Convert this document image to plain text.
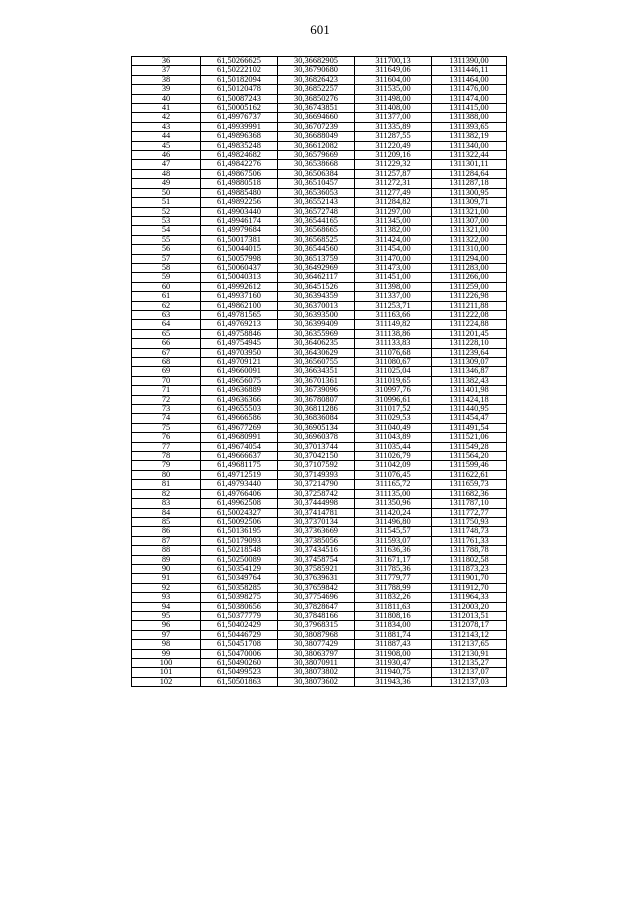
601
36	61,50266625	30,36682905	311700,13	1311390,00
37	61,50222102	30,36790680	311649,06	1311446,11
38	61,50182094	30,36826423	311604,00	1311464,00
39	61,50120478	30,36852257	311535,00	1311476,00
40	61,50087243	30,36850276	311498,00	1311474,00
41	61,50005162	30,36743851	311408,00	1311415,00
42	61,49976737	30,36694660	311377,00	1311388,00
43	61,49939991	30,36707239	311335,89	1311393,65
44	61,49896368	30,36688049	311287,55	1311382,19
45	61,49835248	30,36612082	311220,49	1311340,00
46	61,49824682	30,36579669	311209,16	1311322,44
47	61,49842276	30,36538668	311229,32	1311301,11
48	61,49867506	30,36506384	311257,87	1311284,64
49	61,49880518	30,36510457	311272,31	1311287,18
50	61,49885480	30,36536053	311277,49	1311300,95
51	61,49892256	30,36552143	311284,82	1311309,71
52	61,49903440	30,36572748	311297,00	1311321,00
53	61,49946174	30,36544165	311345,00	1311307,00
54	61,49979684	30,36568665	311382,00	1311321,00
55	61,50017381	30,36568525	311424,00	1311322,00
56	61,50044015	30,36544560	311454,00	1311310,00
57	61,50057998	30,36513759	311470,00	1311294,00
58	61,50060437	30,36492969	311473,00	1311283,00
59	61,50040313	30,36462117	311451,00	1311266,00
60	61,49992612	30,36451526	311398,00	1311259,00
61	61,49937160	30,36394359	311337,00	1311226,98
62	61,49862100	30,36370013	311253,71	1311211,88
63	61,49781565	30,36393500	311163,66	1311222,08
64	61,49769213	30,36399409	311149,82	1311224,88
65	61,49758846	30,36355969	311138,86	1311201,45
66	61,49754945	30,36406235	311133,83	1311228,10
67	61,49703950	30,36430629	311076,68	1311239,64
68	61,49709121	30,36560755	311080,67	1311309,07
69	61,49660091	30,36634351	311025,04	1311346,87
70	61,49656075	30,36701361	311019,65	1311382,43
71	61,49636889	30,36739096	310997,76	1311401,98
72	61,49636366	30,36780807	310996,61	1311424,18
73	61,49655503	30,36811286	311017,52	1311440,95
74	61,49666586	30,36836084	311029,53	1311454,47
75	61,49677269	30,36905134	311040,49	1311491,54
76	61,49680991	30,36960378	311043,89	1311521,06
77	61,49674054	30,37013744	311035,44	1311549,28
78	61,49666637	30,37042150	311026,79	1311564,20
79	61,49681175	30,37107592	311042,09	1311599,46
80	61,49712519	30,37149393	311076,45	1311622,61
81	61,49793440	30,37214790	311165,72	1311659,73
82	61,49766406	30,37258742	311135,00	1311682,36
83	61,49962508	30,37444998	311350,96	1311787,10
84	61,50024327	30,37414781	311420,24	1311772,77
85	61,50092506	30,37370134	311496,80	1311750,93
86	61,50136195	30,37363669	311545,57	1311748,73
87	61,50179093	30,37385056	311593,07	1311761,33
88	61,50218548	30,37434516	311636,36	1311788,78
89	61,50250089	30,37458754	311671,17	1311802,58
90	61,50354129	30,37585921	311785,36	1311873,23
91	61,50349764	30,37639631	311779,77	1311901,70
92	61,50358285	30,37659842	311788,99	1311912,70
93	61,50398275	30,37754696	311832,26	1311964,33
94	61,50380656	30,37828647	311811,63	1312003,20
95	61,50377779	30,37848166	311808,16	1312013,51
96	61,50402429	30,37968315	311834,00	1312078,17
97	61,50446729	30,38087968	311881,74	1312143,12
98	61,50451708	30,38077429	311887,43	1312137,65
99	61,50470006	30,38063797	311908,00	1312130,91
100	61,50490260	30,38070911	311930,47	1312135,27
101	61,50499523	30,38073802	311940,75	1312137,07
102	61,50501863	30,38073602	311943,36	1312137,03
